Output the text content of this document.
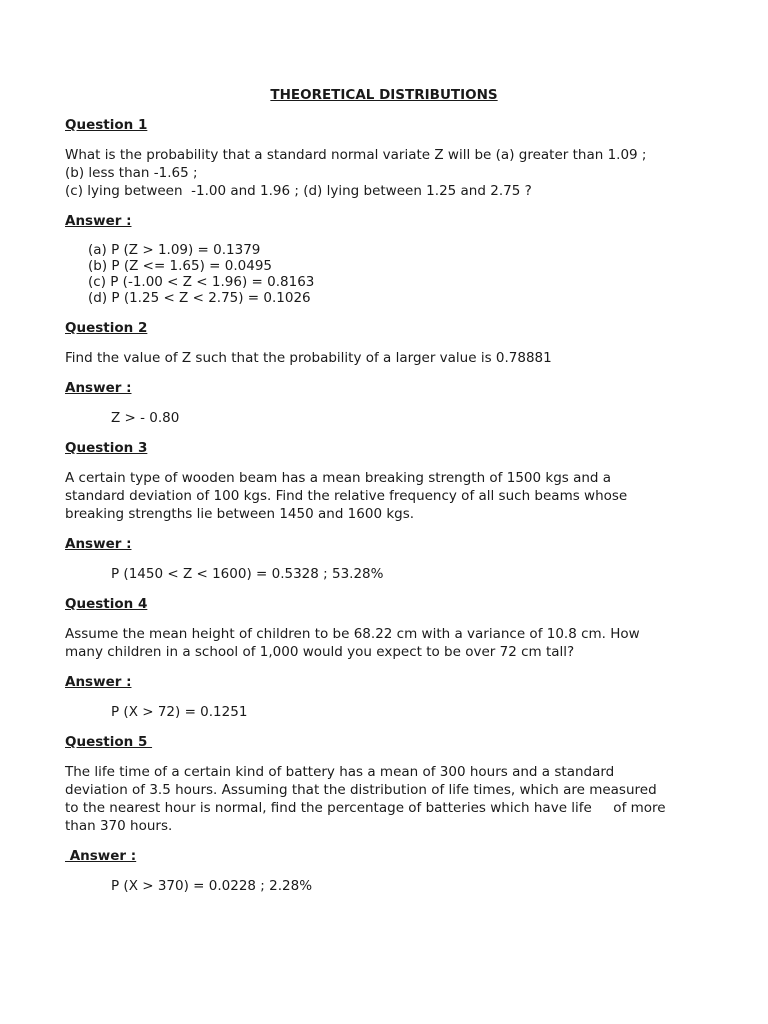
THEORETICAL DISTRIBUTIONS
Question 1
What is the probability that a standard normal variate Z will be (a) greater than 1.09 ;
(b) less than -1.65 ;
(c) lying between  -1.00 and 1.96 ; (d) lying between 1.25 and 2.75 ?
Answer :
(a) P (Z > 1.09) = 0.1379
(b) P (Z <= 1.65) = 0.0495
(c) P (-1.00 < Z < 1.96) = 0.8163
(d) P (1.25 < Z < 2.75) = 0.1026
Question 2
Find the value of Z such that the probability of a larger value is 0.78881
Answer :
Z > - 0.80
Question 3
A certain type of wooden beam has a mean breaking strength of 1500 kgs and a
standard deviation of 100 kgs. Find the relative frequency of all such beams whose
breaking strengths lie between 1450 and 1600 kgs.
Answer :
P (1450 < Z < 1600) = 0.5328 ; 53.28%
Question 4
Assume the mean height of children to be 68.22 cm with a variance of 10.8 cm. How
many children in a school of 1,000 would you expect to be over 72 cm tall?
Answer :
P (X > 72) = 0.1251
Question 5
The life time of a certain kind of battery has a mean of 300 hours and a standard
deviation of 3.5 hours. Assuming that the distribution of life times, which are measured
to the nearest hour is normal, find the percentage of batteries which have life     of more
than 370 hours.
Answer :
P (X > 370) = 0.0228 ; 2.28%
